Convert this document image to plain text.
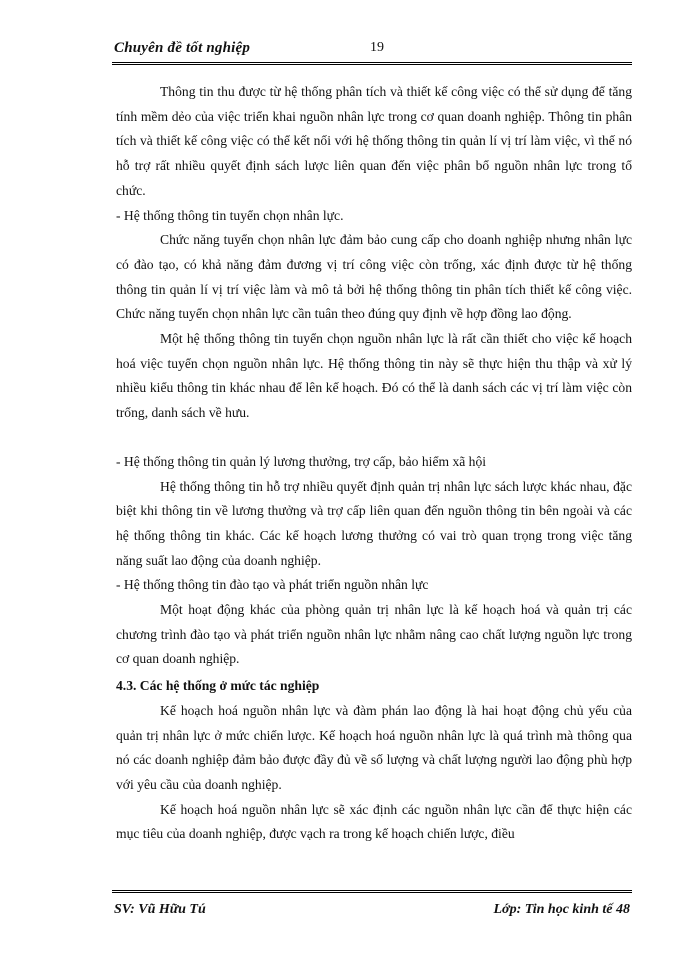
Chuyên đề tốt nghiệp	19

Thông tin thu được từ hệ thống phân tích và thiết kế công việc có thể sử dụng để tăng tính mềm dẻo của việc triển khai nguồn nhân lực trong cơ quan doanh nghiệp. Thông tin phân tích và thiết kế công việc có thể kết nối với hệ thống thông tin quản lí vị trí làm việc, vì thế nó hỗ trợ rất nhiều quyết định sách lược liên quan đến việc phân bổ nguồn nhân lực trong tổ chức.

- Hệ thống thông tin tuyển chọn nhân lực.

Chức năng tuyển chọn nhân lực đảm bảo cung cấp cho doanh nghiệp nhưng nhân lực có đào tạo, có khả năng đảm đương vị trí công việc còn trống, xác định được từ hệ thống thông tin quản lí vị trí việc làm và mô tả bởi hệ thống thông tin phân tích thiết kế công việc. Chức năng tuyển chọn nhân lực cần tuân theo đúng quy định về hợp đồng lao động.

Một hệ thống thông tin tuyển chọn nguồn nhân lực là rất cần thiết cho việc kế hoạch hoá việc tuyển chọn nguồn nhân lực. Hệ thống thông tin này sẽ thực hiện thu thập và xử lý nhiều kiểu thông tin khác nhau để lên kế hoạch. Đó có thể là danh sách các vị trí làm việc còn trống, danh sách về hưu.

- Hệ thống thông tin quản lý lương thưởng, trợ cấp, bảo hiểm xã hội

Hệ thống thông tin hỗ trợ nhiều quyết định quản trị nhân lực sách lược khác nhau, đặc biệt khi thông tin về lương thưởng và trợ cấp liên quan đến nguồn thông tin bên ngoài và các hệ thống thông tin khác. Các kế hoạch lương thưởng có vai trò quan trọng trong việc tăng năng suất lao động của doanh nghiệp.

- Hệ thống thông tin đào tạo và phát triển nguồn nhân lực

Một hoạt động khác của phòng quản trị nhân lực là kế hoạch hoá và quản trị các chương trình đào tạo và phát triển nguồn nhân lực nhằm nâng cao chất lượng nguồn lực trong cơ quan doanh nghiệp.

4.3. Các hệ thống ở mức tác nghiệp

Kế hoạch hoá nguồn nhân lực và đàm phán lao động là hai hoạt động chủ yếu của quản trị nhân lực ở mức chiến lược. Kế hoạch hoá nguồn nhân lực là quá trình mà thông qua nó các doanh nghiệp đảm bảo được đầy đủ về số lượng và chất lượng người lao động phù hợp với yêu cầu của doanh nghiệp.

Kế hoạch hoá nguồn nhân lực sẽ xác định các nguồn nhân lực cần để thực hiện các mục tiêu của doanh nghiệp, được vạch ra trong kế hoạch chiến lược, điều

SV: Vũ Hữu Tú	Lớp: Tin học kinh tế 48
